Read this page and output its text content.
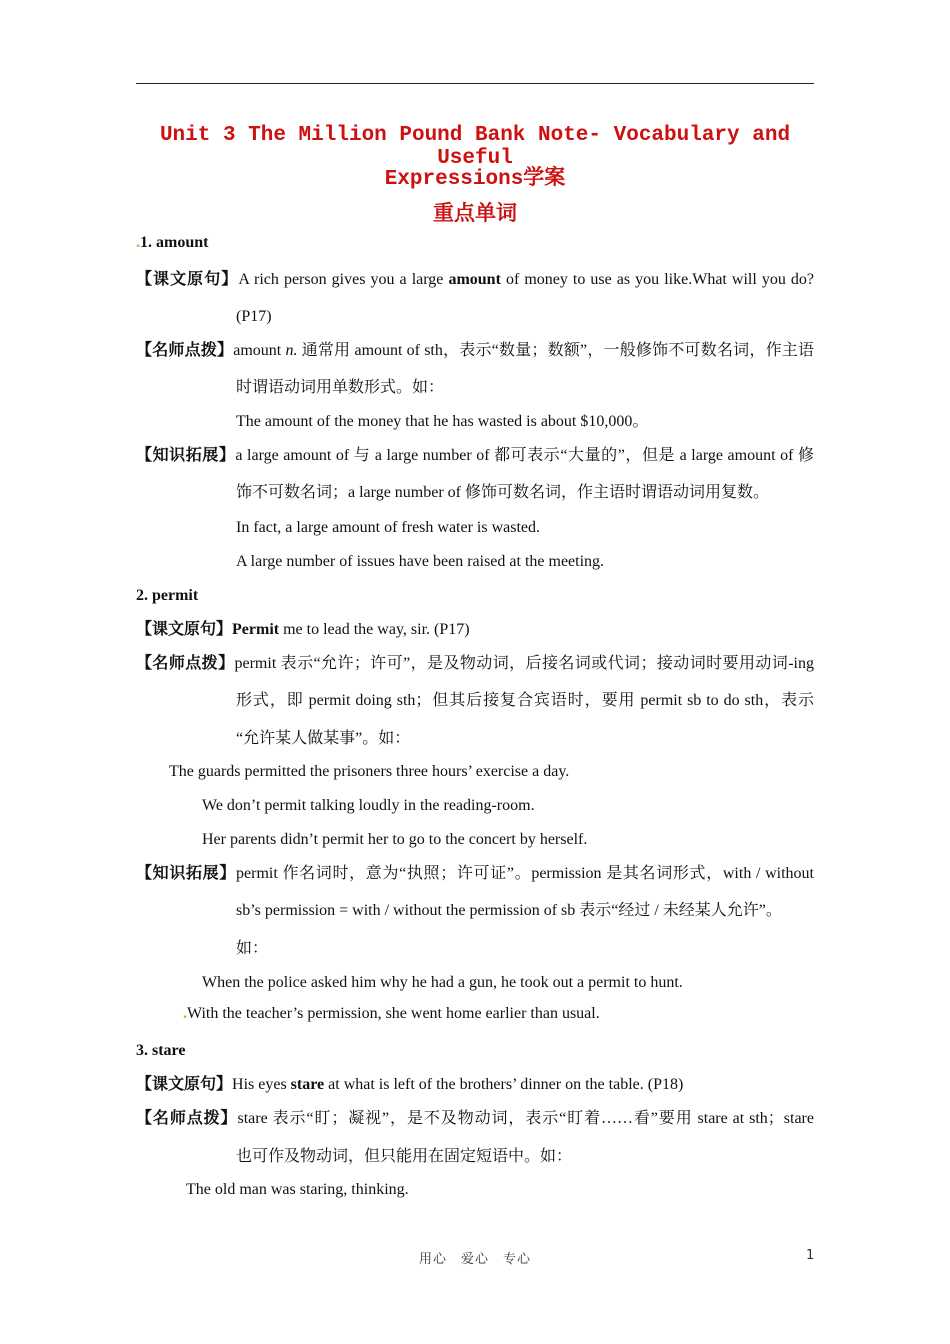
Unit 3 The Million Pound Bank Note- Vocabulary and Useful
Expressions学案
重点单词
.1. amount
【课文原句】A rich person gives you a large amount of money to use as you like.What will you do?
(P17)
【名师点拨】amount n. 通常用 amount of sth，表示“数量；数额”，一般修饰不可数名词，作主语
时谓语动词用单数形式。如：
The amount of the money that he has wasted is about $10,000。
【知识拓展】a large amount of 与 a large number of 都可表示“大量的”，但是 a large amount of 修
饰不可数名词；a large number of 修饰可数名词，作主语时谓语动词用复数。
In fact, a large amount of fresh water is wasted.
A large number of issues have been raised at the meeting.
2. permit
【课文原句】Permit me to lead the way, sir. (P17)
【名师点拨】permit 表示“允许；许可”，是及物动词，后接名词或代词；接动词时要用动词-ing
形式，即 permit doing sth；但其后接复合宾语时，要用 permit sb to do sth，表示
“允许某人做某事”。如：
The guards permitted the prisoners three hours’ exercise a day.
We don’t permit talking loudly in the reading-room.
Her parents didn’t permit her to go to the concert by herself.
【知识拓展】permit 作名词时，意为“执照；许可证”。permission 是其名词形式，with / without
sb’s permission = with / without the permission of sb 表示“经过 / 未经某人允许”。
如：
When the police asked him why he had a gun, he took out a permit to hunt.
.With the teacher’s permission, she went home earlier than usual.
3. stare
【课文原句】His eyes stare at what is left of the brothers’ dinner on the table. (P18)
【名师点拨】stare 表示“盯；凝视”，是不及物动词，表示“盯着……看”要用 stare at sth；stare
也可作及物动词，但只能用在固定短语中。如：
The old man was staring, thinking.
用心　爱心　专心	1
